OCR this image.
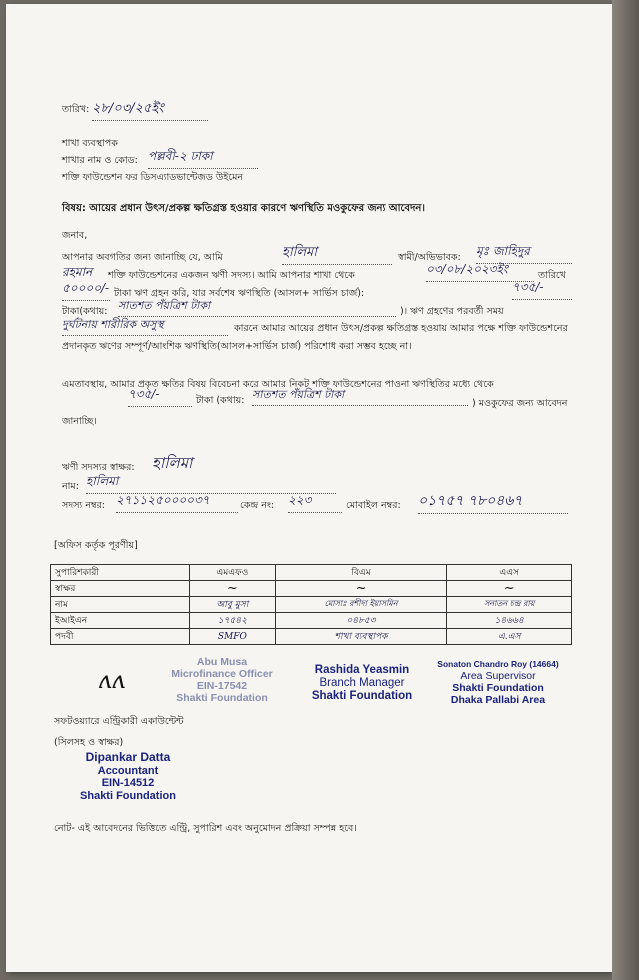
তারিখ: ২৮/০৩/২৫ইং
শাখা ব্যবস্থাপক
শাখার নাম ও কোড: পল্লবী-২ ঢাকা
শক্তি ফাউন্ডেশন ফর ডিসএ্যাডভান্টেজড উইমেন
বিষয়: আয়ের প্রধান উৎস/প্রকল্প ক্ষতিগ্রস্ত হওয়ার কারণে ঋণস্থিতি মওকুফের জন্য আবেদন।
জনাব,
আপনার অবগতির জন্য জানাচ্ছি যে, আমি	হালিমা	স্বামী/অভিভাবক: মৃঃ জাহিদুর
রহমান শক্তি ফাউন্ডেশনের একজন ঋণী সদস্য। আমি আপনার শাখা থেকে	০৩/০৮/২০২৩ইং	তারিখে
৫০০০০/- টাকা ঋণ গ্রহন করি, যার সর্বশেষ ঋণস্থিতি (আসল+ সার্ভিস চার্জ):	৭৩৫/-
টাকা(কথায়: সাতশত পঁয়ত্রিশ টাকা	)। ঋণ গ্রহণের পরবর্তী সময়
দুর্ঘটনায় শারীরিক অসুস্থ	কারনে আমার আয়ের প্রধান উৎস/প্রকল্প ক্ষতিগ্রস্ত হওয়ায় আমার পক্ষে শক্তি ফাউন্ডেশনের প্রদানকৃত ঋণের সম্পূর্ণ/আংশিক ঋণস্থিতি(আসল+সার্ভিস চার্জ) পরিশোধ করা সম্ভব হচ্ছে না।
এমতাবস্থায়, আমার প্রকৃত ক্ষতির বিষয় বিবেচনা করে আমার নিকট শক্তি ফাউন্ডেশনের পাওনা ঋণস্থিতির মধ্যে থেকে
৭৩৫/-	টাকা (কথায়: সাতশত পঁয়ত্রিশ টাকা
) মওকুফের জন্য আবেদন জানাচ্ছি।
ঋণী সদস্যর স্বাক্ষর: হালিমা
নাম: হালিমা
সদস্য নম্বর: ২৭১১২৫০০০০৩৭	কেন্দ্র নং: ২২৩	মোবাইল নম্বর: ০১৭৫৭ ৭৮০৪৬৭
[অফিস কর্তৃক পূরণীয়]
সুপারিশকারী	এমএফও	বিএম	এএস
স্বাক্ষর	~	~	~
নাম	আবু মুসা	মোসাঃ রশীদা ইয়াসমিন	সনাতন চন্দ্র রায়
ইআইএন	১৭৫৪২	০৪৮৫৩	১৪৬৬৪
পদবী	SMFO	শাখা ব্যবস্থাপক	এ.এস
ʌʌ
Abu Musa
Microfinance Officer
EIN-17542
Shakti Foundation
Rashida Yeasmin
Branch Manager
Shakti Foundation
Sonaton Chandro Roy (14664)
Area Supervisor
Shakti Foundation
Dhaka Pallabi Area
সফটওয়্যারে এন্ট্রিকারী একাউন্টেন্ট
(সিলসহ ও স্বাক্ষর)
Dipankar Datta
Accountant
EIN-14512
Shakti Foundation
নোট- এই আবেদনের ভিত্তিতে এন্ট্রি, সুপারিশ এবং অনুমোদন প্রক্রিয়া সম্পন্ন হবে।
